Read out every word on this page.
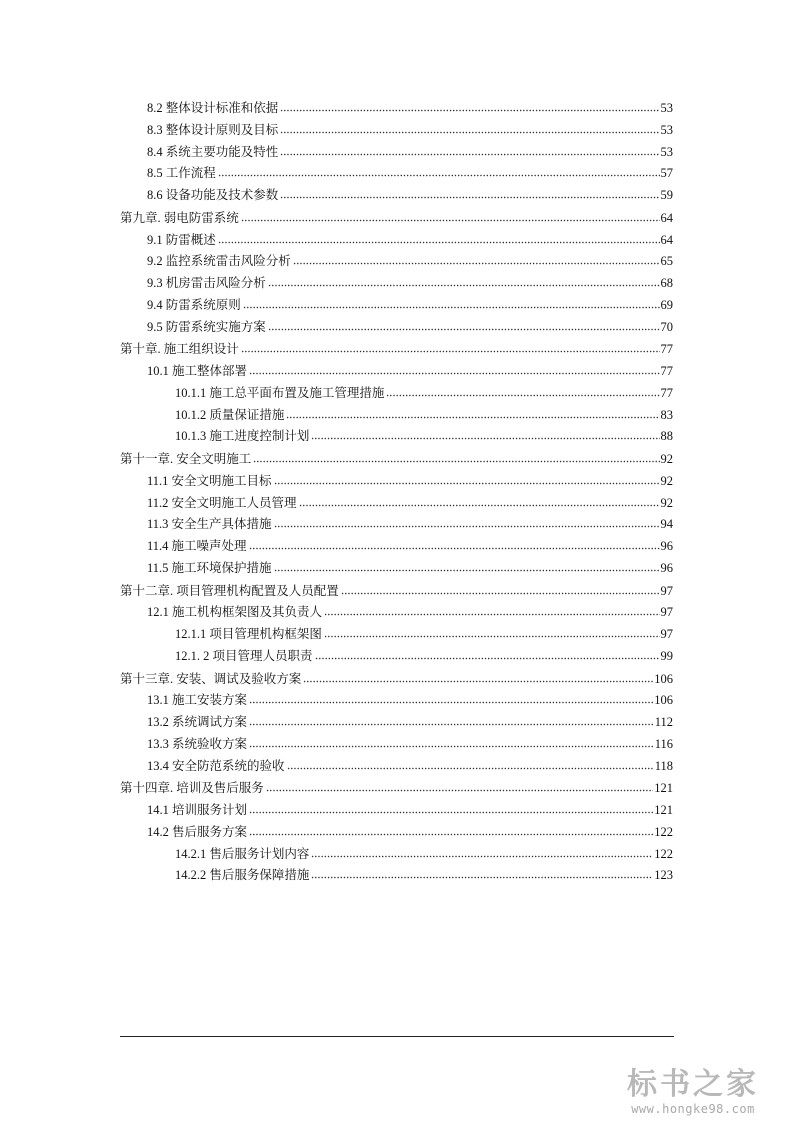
8.2 整体设计标准和依据	53
8.3 整体设计原则及目标	53
8.4 系统主要功能及特性	53
8.5 工作流程	57
8.6 设备功能及技术参数	59
第九章. 弱电防雷系统	64
9.1 防雷概述	64
9.2 监控系统雷击风险分析	65
9.3 机房雷击风险分析	68
9.4 防雷系统原则	69
9.5 防雷系统实施方案	70
第十章. 施工组织设计	77
10.1 施工整体部署	77
10.1.1 施工总平面布置及施工管理措施	77
10.1.2 质量保证措施	83
10.1.3 施工进度控制计划	88
第十一章. 安全文明施工	92
11.1 安全文明施工目标	92
11.2 安全文明施工人员管理	92
11.3 安全生产具体措施	94
11.4 施工噪声处理	96
11.5 施工环境保护措施	96
第十二章. 项目管理机构配置及人员配置	97
12.1 施工机构框架图及其负责人	97
12.1.1 项目管理机构框架图	97
12.1. 2 项目管理人员职责	99
第十三章. 安装、调试及验收方案	106
13.1 施工安装方案	106
13.2 系统调试方案	112
13.3 系统验收方案	116
13.4 安全防范系统的验收	118
第十四章. 培训及售后服务	121
14.1 培训服务计划	121
14.2 售后服务方案	122
14.2.1 售后服务计划内容	122
14.2.2 售后服务保障措施	123
标书之家
www.hongke98.com
